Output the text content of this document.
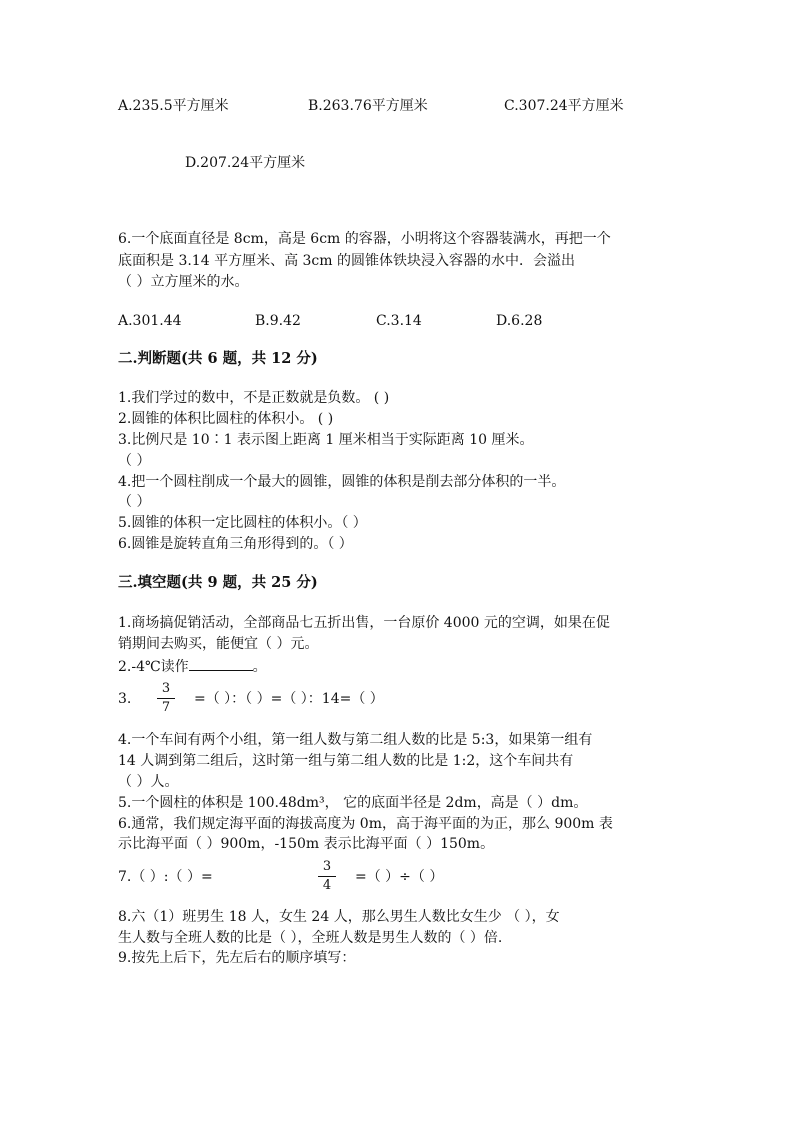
A.235.5平方厘米	B.263.76平方厘米	C.307.24平方厘米
D.207.24平方厘米
6.一个底面直径是 8cm，高是 6cm 的容器，小明将这个容器装满水，再把一个
底面积是 3.14 平方厘米、高 3cm 的圆锥体铁块浸入容器的水中．会溢出
（ ）立方厘米的水。
A.301.44	B.9.42	C.3.14	D.6.28
二.判断题(共 6 题，共 12 分)
1.我们学过的数中，不是正数就是负数。 ( )
2.圆锥的体积比圆柱的体积小。 ( )
3.比例尺是 10∶1 表示图上距离 1 厘米相当于实际距离 10 厘米。
（ ）
4.把一个圆柱削成一个最大的圆锥，圆锥的体积是削去部分体积的一半。
（ ）
5.圆锥的体积一定比圆柱的体积小。（ ）
6.圆锥是旋转直角三角形得到的。（ ）
三.填空题(共 9 题，共 25 分)
1.商场搞促销活动，全部商品七五折出售，一台原价 4000 元的空调，如果在促
销期间去购买，能便宜（ ）元。
2.-4℃读作	。
3.
3
7
=（ ）：（ ）=（ ）：14=（ ）
4.一个车间有两个小组，第一组人数与第二组人数的比是 5:3，如果第一组有
14 人调到第二组后，这时第一组与第二组人数的比是 1:2，这个车间共有
（ ）人。
5.一个圆柱的体积是 100.48dm³， 它的底面半径是 2dm，高是（ ）dm。
6.通常，我们规定海平面的海拔高度为 0m，高于海平面的为正，那么 900m 表
示比海平面（ ）900m，-150m 表示比海平面（ ）150m。
7.（ ）:（ ）=
3
4
=（ ）÷（ ）
8.六（1）班男生 18 人，女生 24 人，那么男生人数比女生少 （ ），女
生人数与全班人数的比是（ ），全班人数是男生人数的（ ）倍.
9.按先上后下，先左后右的顺序填写：
